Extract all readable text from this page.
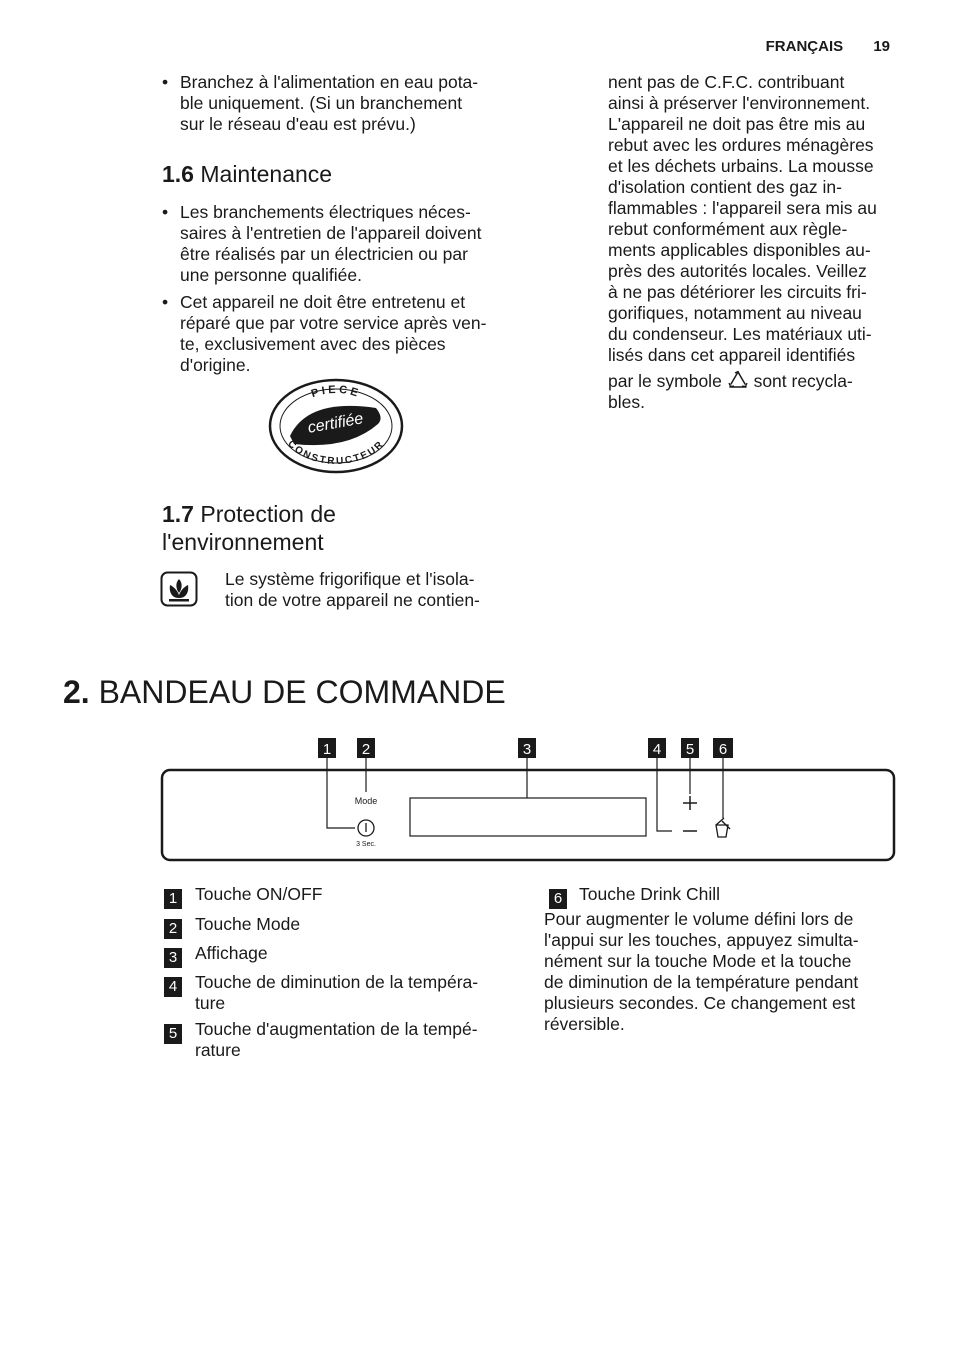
FRANÇAIS 19
• Branchez à l'alimentation en eau pota-
ble uniquement. (Si un branchement
sur le réseau d'eau est prévu.)
1.6 Maintenance
• Les branchements électriques néces-
saires à l'entretien de l'appareil doivent
être réalisés par un électricien ou par
une personne qualifiée.
• Cet appareil ne doit être entretenu et
réparé que par votre service après ven-
te, exclusivement avec des pièces
d'origine.
PIECE
certifiée
CONSTRUCTEUR
1.7 Protection de
l'environnement
Le système frigorifique et l'isola-
tion de votre appareil ne contien-
nent pas de C.F.C. contribuant
ainsi à préserver l'environnement.
L'appareil ne doit pas être mis au
rebut avec les ordures ménagères
et les déchets urbains. La mousse
d'isolation contient des gaz in-
flammables : l'appareil sera mis au
rebut conformément aux règle-
ments applicables disponibles au-
près des autorités locales. Veillez
à ne pas détériorer les circuits fri-
gorifiques, notamment au niveau
du condenseur. Les matériaux uti-
lisés dans cet appareil identifiés
par le symbole sont recycla-
bles.
2. BANDEAU DE COMMANDE
1 2	3	4 5 6
Mode
3 Sec.
1 Touche ON/OFF
2 Touche Mode
3 Affichage
4 Touche de diminution de la tempéra-
ture
5 Touche d'augmentation de la tempé-
rature
6 Touche Drink Chill
Pour augmenter le volume défini lors de
l'appui sur les touches, appuyez simulta-
nément sur la touche Mode et la touche
de diminution de la température pendant
plusieurs secondes. Ce changement est
réversible.
